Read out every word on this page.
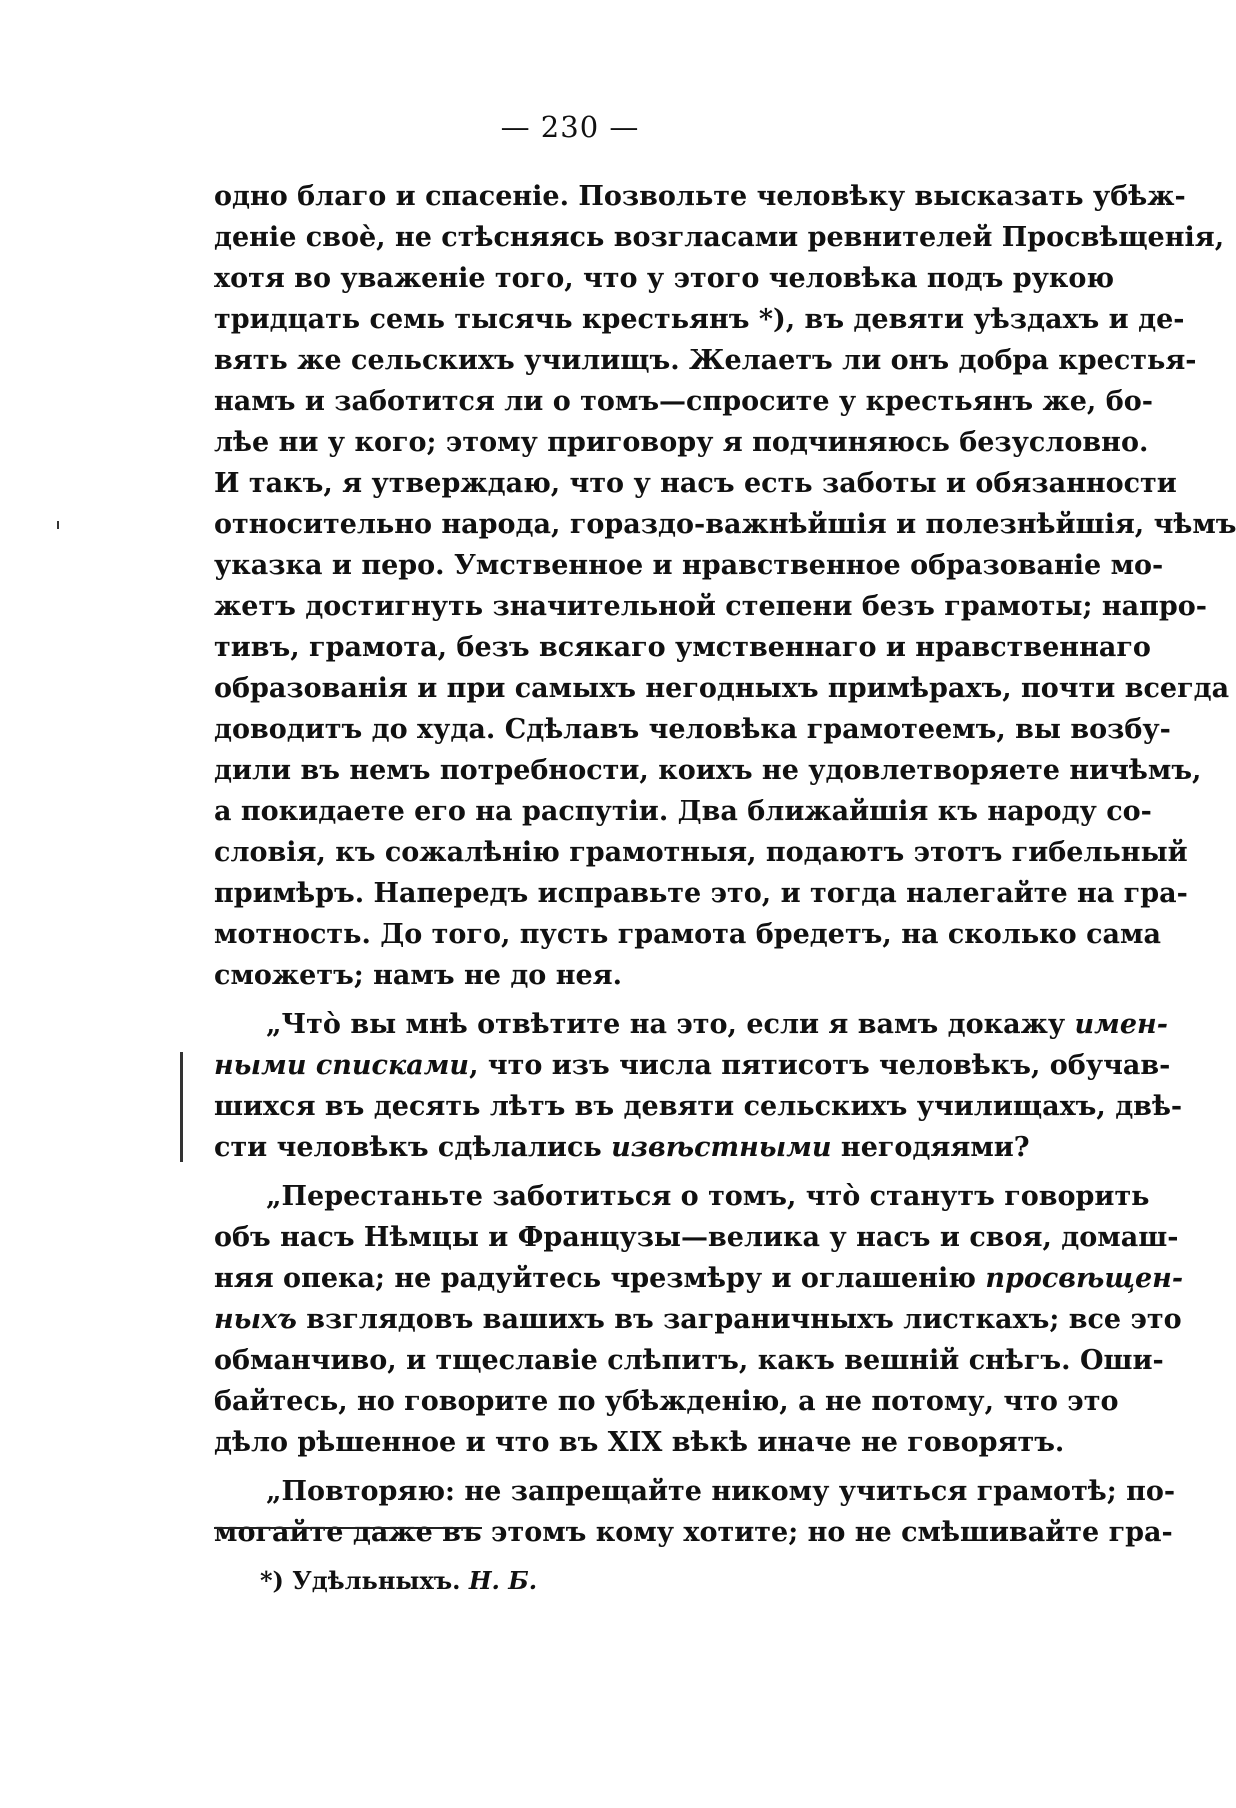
— 230 —
одно благо и спасеніе. Позвольте человѣку высказать убѣж-
деніе своѐ, не стѣсняясь возгласами ревнителей Просвѣщенія,
хотя во уваженіе того, что у этого человѣка подъ рукою
тридцать семь тысячь крестьянъ *), въ девяти уѣздахъ и де-
вять же сельскихъ училищъ. Желаетъ ли онъ добра крестья-
намъ и заботится ли о томъ—спросите у крестьянъ же, бо-
лѣе ни у кого; этому приговору я подчиняюсь безусловно.
И такъ, я утверждаю, что у насъ есть заботы и обязанности
относительно народа, гораздо-важнѣйшія и полезнѣйшія, чѣмъ
указка и перо. Умственное и нравственное образованіе мо-
жетъ достигнуть значительной степени безъ грамоты; напро-
тивъ, грамота, безъ всякаго умственнаго и нравственнаго
образованія и при самыхъ негодныхъ примѣрахъ, почти всегда
доводитъ до худа. Сдѣлавъ человѣка грамотеемъ, вы возбу-
дили въ немъ потребности, коихъ не удовлетворяете ничѣмъ,
а покидаете его на распутіи. Два ближайшія къ народу со-
словія, къ сожалѣнію грамотныя, подаютъ этотъ гибельный
примѣръ. Напередъ исправьте это, и тогда налегайте на гра-
мотность. До того, пусть грамота бредетъ, на сколько сама
сможетъ; намъ не до нея.
„Что̀ вы мнѣ отвѣтите на это, если я вамъ докажу имен-
ными списками, что изъ числа пятисотъ человѣкъ, обучав-
шихся въ десять лѣтъ въ девяти сельскихъ училищахъ, двѣ-
сти человѣкъ сдѣлались извѣстными негодяями?
„Перестаньте заботиться о томъ, что̀ станутъ говорить
объ насъ Нѣмцы и Французы—велика у насъ и своя, домаш-
няя опека; не радуйтесь чрезмѣру и оглашенію просвѣщен-
ныхъ взглядовъ вашихъ въ заграничныхъ листкахъ; все это
обманчиво, и тщеславіе слѣпитъ, какъ вешній снѣгъ. Оши-
байтесь, но говорите по убѣжденію, а не потому, что это
дѣло рѣшенное и что въ XIX вѣкѣ иначе не говорятъ.
„Повторяю: не запрещайте никому учиться грамотѣ; по-
могайте даже въ этомъ кому хотите; но не смѣшивайте гра-
*) Удѣльныхъ. Н. Б.
